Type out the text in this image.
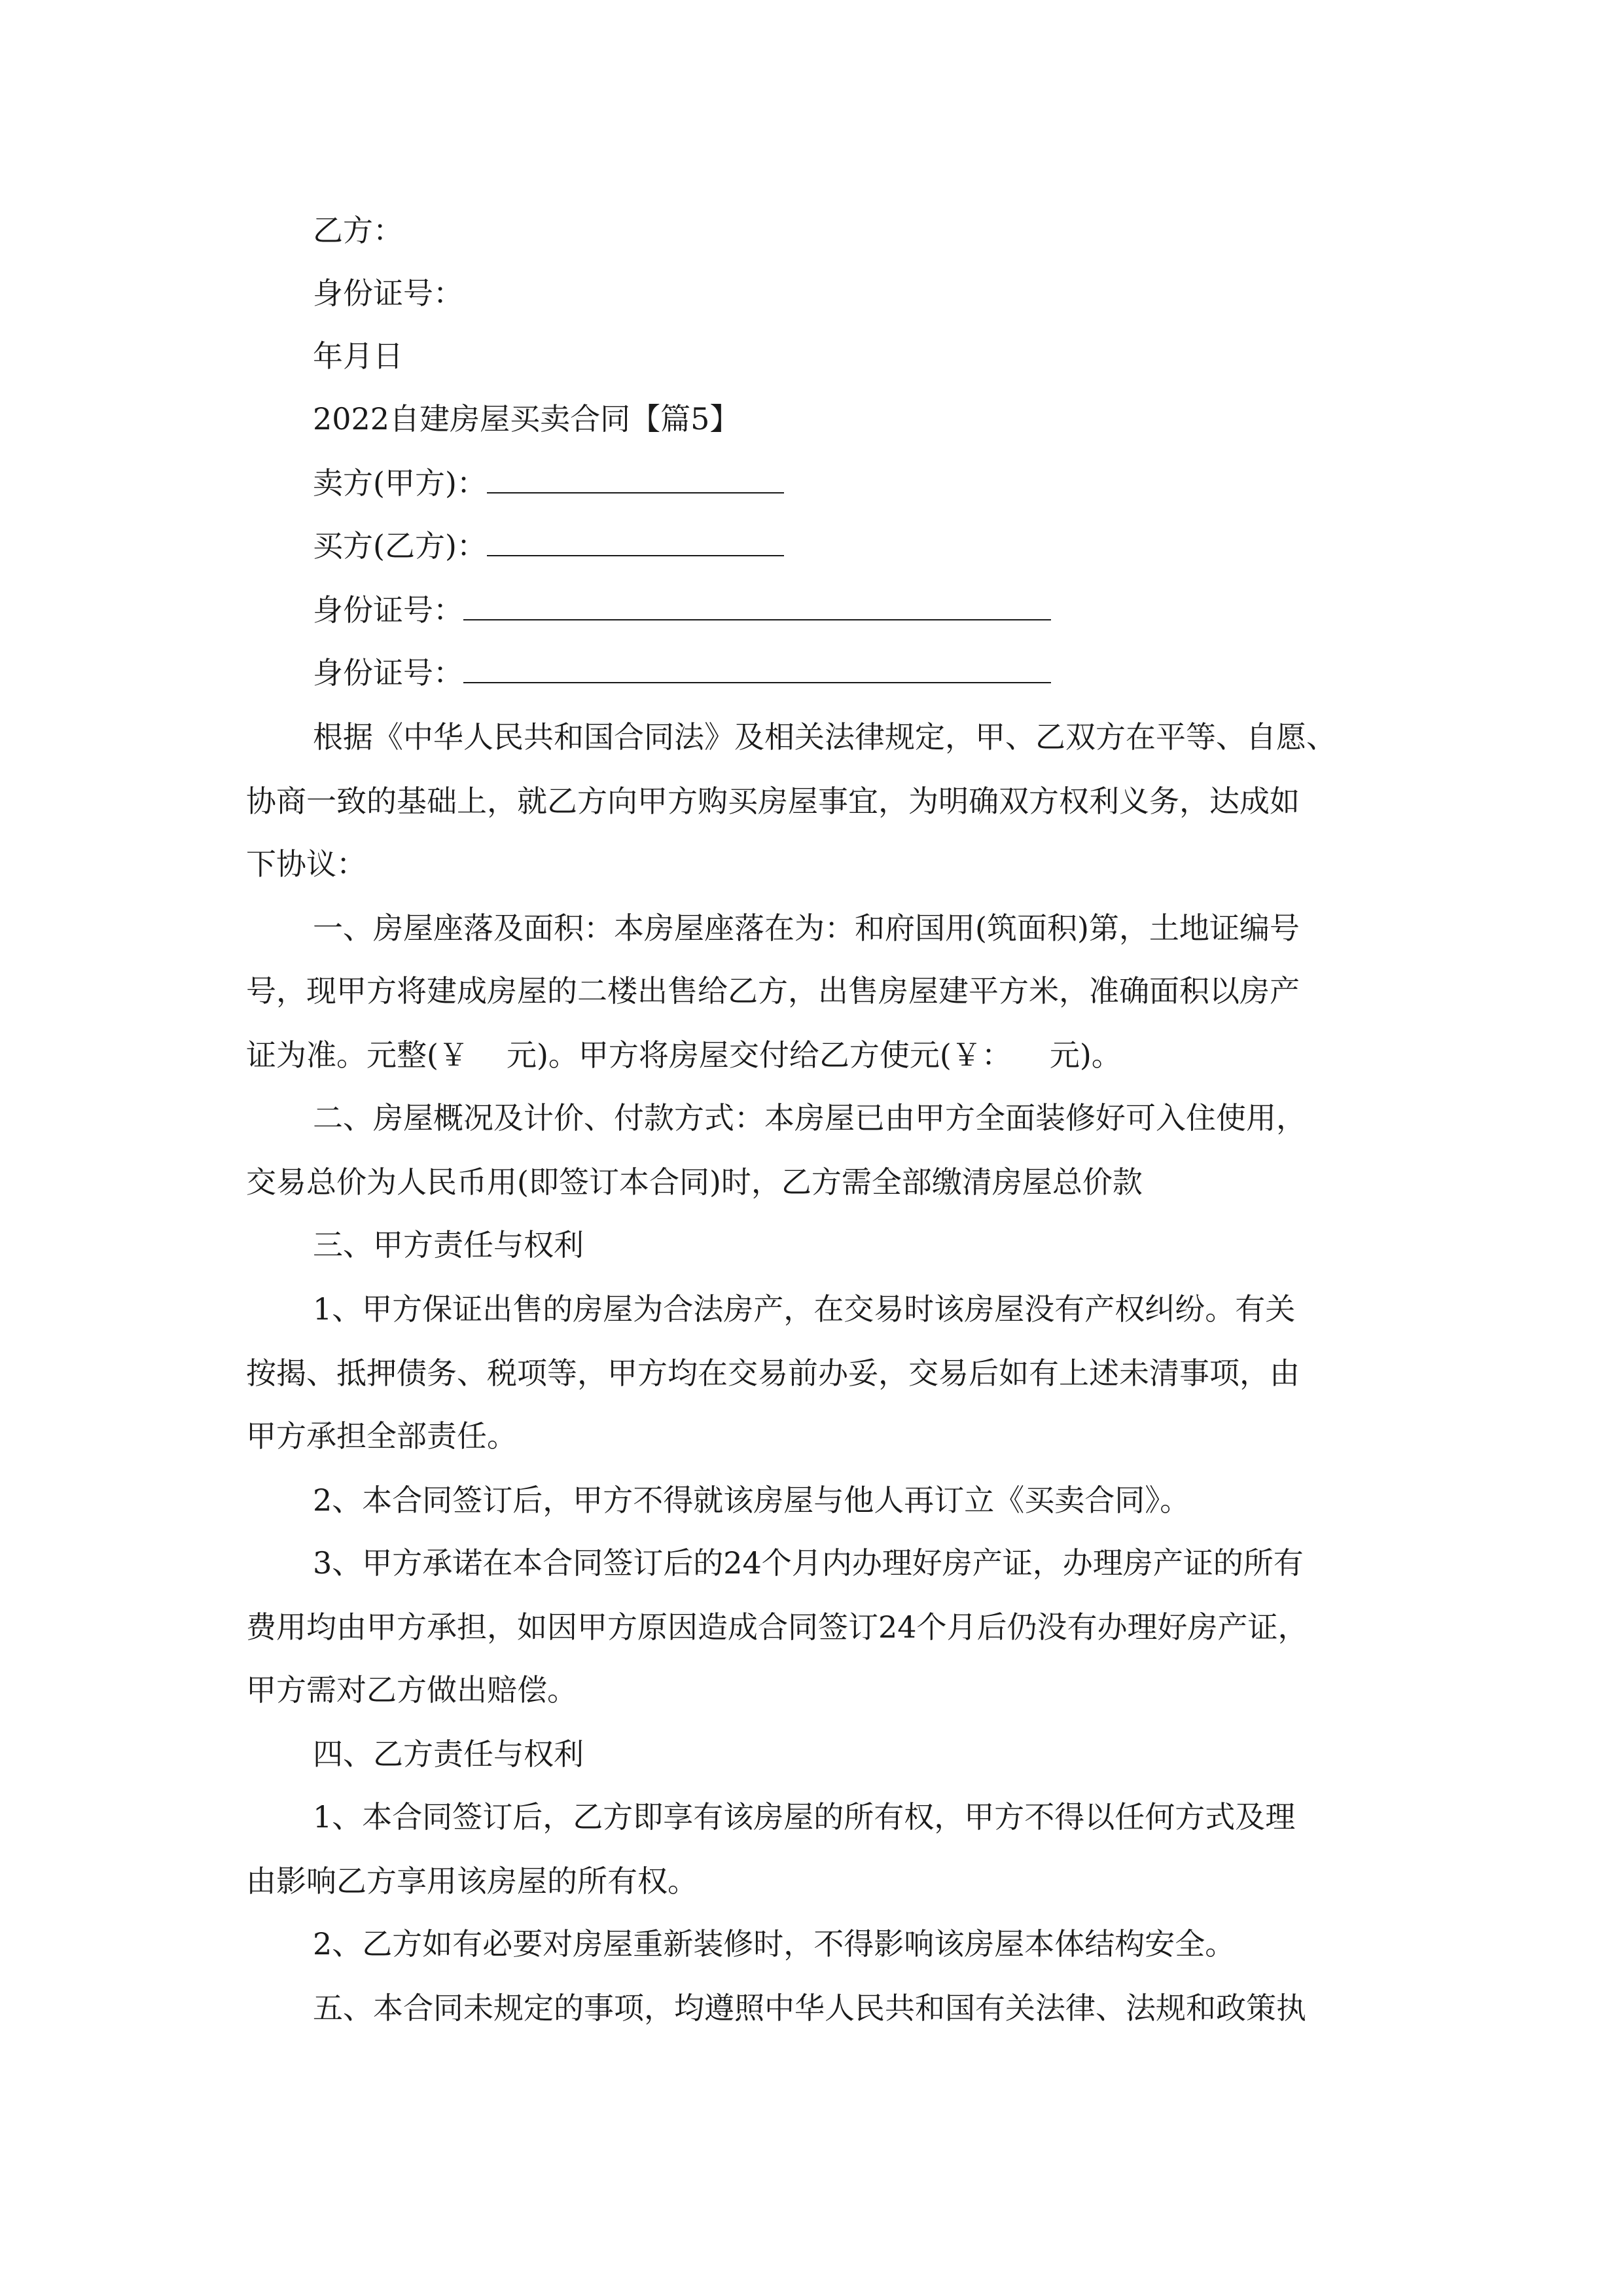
乙方：
身份证号：
年月日
2022自建房屋买卖合同【篇5】
卖方(甲方)：
买方(乙方)：
身份证号：
身份证号：
根据《中华人民共和国合同法》及相关法律规定，甲、乙双方在平等、自愿、
协商一致的基础上，就乙方向甲方购买房屋事宜，为明确双方权利义务，达成如
下协议：
一、房屋座落及面积：本房屋座落在为：和府国用(筑面积)第，土地证编号
号，现甲方将建成房屋的二楼出售给乙方，出售房屋建平方米，准确面积以房产
证为准。元整(￥ 元)。甲方将房屋交付给乙方使元(￥： 元)。
二、房屋概况及计价、付款方式：本房屋已由甲方全面装修好可入住使用，
交易总价为人民币用(即签订本合同)时，乙方需全部缴清房屋总价款
三、甲方责任与权利
1、甲方保证出售的房屋为合法房产，在交易时该房屋没有产权纠纷。有关
按揭、抵押债务、税项等，甲方均在交易前办妥，交易后如有上述未清事项，由
甲方承担全部责任。
2、本合同签订后，甲方不得就该房屋与他人再订立《买卖合同》。
3、甲方承诺在本合同签订后的24个月内办理好房产证，办理房产证的所有
费用均由甲方承担，如因甲方原因造成合同签订24个月后仍没有办理好房产证，
甲方需对乙方做出赔偿。
四、乙方责任与权利
1、本合同签订后，乙方即享有该房屋的所有权，甲方不得以任何方式及理
由影响乙方享用该房屋的所有权。
2、乙方如有必要对房屋重新装修时，不得影响该房屋本体结构安全。
五、本合同未规定的事项，均遵照中华人民共和国有关法律、法规和政策执
